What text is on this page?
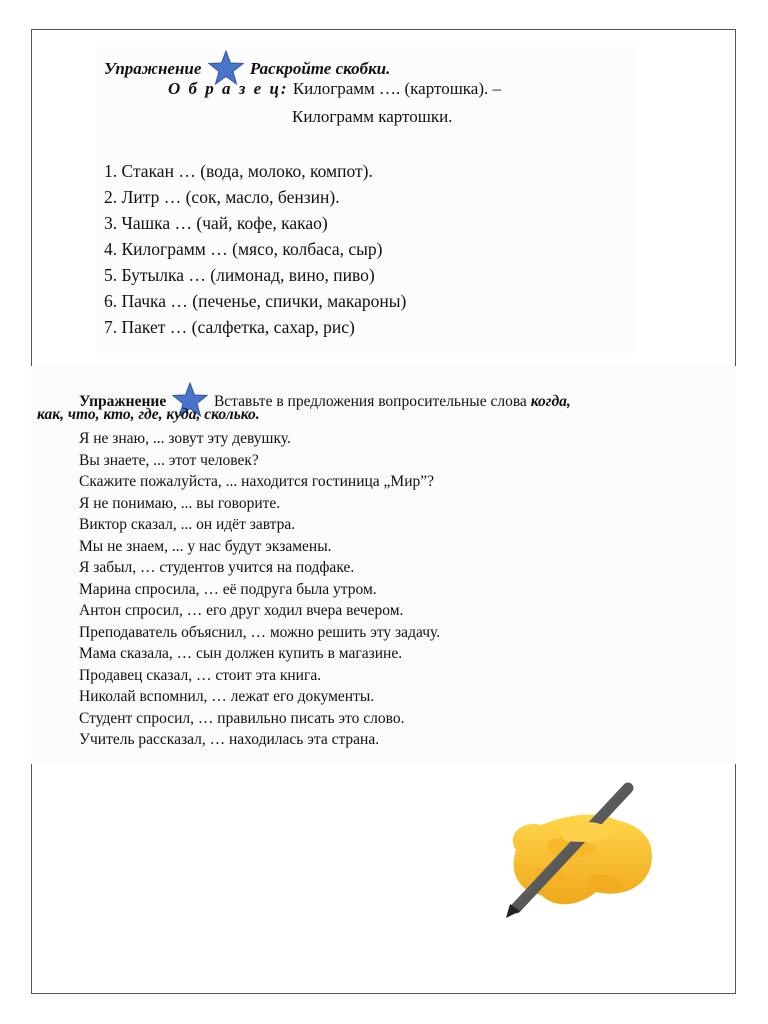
Упражнение	Раскройте скобки.
О б р а з е ц: Килограмм …. (картошка). –
Килограмм картошки.
1. Стакан … (вода, молоко, компот).
2. Литр … (сок, масло, бензин).
3. Чашка … (чай, кофе, какао)
4. Килограмм … (мясо, колбаса, сыр)
5. Бутылка … (лимонад, вино, пиво)
6. Пачка … (печенье, спички, макароны)
7. Пакет … (салфетка, сахар, рис)
Упражнение	Вставьте в предложения вопросительные слова когда,
как, что, кто, где, куда, сколько.
Я не знаю, ... зовут эту девушку.
Вы знаете, ... этот человек?
Скажите пожалуйста, ... находится гостиница „Мир”?
Я не понимаю, ... вы говорите.
Виктор сказал, ... он идёт завтра.
Мы не знаем, ... у нас будут экзамены.
Я забыл, … студентов учится на подфаке.
Марина спросила, … её подруга была утром.
Антон спросил, … его друг ходил вчера вечером.
Преподаватель объяснил, … можно решить эту задачу.
Мама сказала, … сын должен купить в магазине.
Продавец сказал, … стоит эта книга.
Николай вспомнил, … лежат его документы.
Студент спросил, … правильно писать это слово.
Учитель рассказал, … находилась эта страна.
